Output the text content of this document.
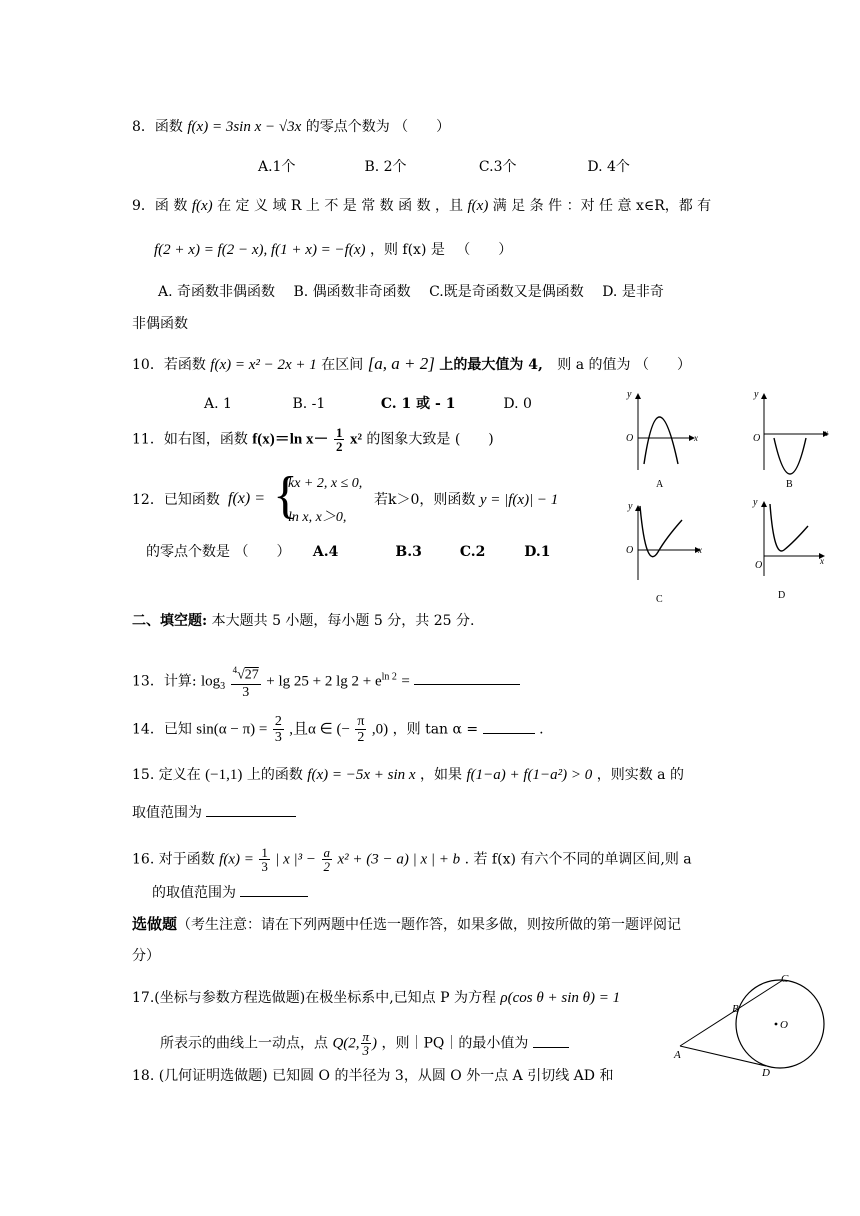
8．函数 f(x) = 3sin x − √3x 的零点个数为 （　　）
A.1个	B. 2个	C.3个	D. 4个
9．函 数 f(x) 在 定 义 域 R 上 不 是 常 数 函 数 ，且 f(x) 满 足 条 件 ：对 任 意 x∈R，都 有
f(2 + x) = f(2 − x), f(1 + x) = −f(x) ，则 f(x) 是 　（　　）
A. 奇函数非偶函数　 B. 偶函数非奇函数　 C.既是奇函数又是偶函数　 D. 是非奇
非偶函数
10．若函数 f(x) = x² − 2x + 1 在区间 [a, a + 2] 上的最大值为 4, 则 a 的值为 （　　）
A. 1	B. -1	C. 1 或 - 1	D. 0
11．如右图，函数 f(x)＝ln $x- \frac{1}{2} x^2$ 的图象大致是 (　　)
12．已知函数 f(x) = {
kx + 2, x ≤ 0,
ln x, x＞0,
若k＞0，则函数 y = |f(x)| − 1
的零点个数是 （　　） A.4	B.3	C.2	D.1
y
x
O
A
y
x
O
B
y
x
O
C
y
x
O
D
二、填空题: 本大题共 5 小题，每小题 5 分，共 25 分.
13．计算: $\log_3 \frac{^4√27}{3} + \lg 25 + 2$ $\lg 2 + e^{ln 2}$ =
14．已知 $\sin(\alpha - \pi) = \frac{2}{3}$ ,且α ∈ (− $\frac{\pi}{2} ,0$) ，则 tan α =	.
15. 定义在 (−1,1) 上的函数 f(x) = −5x + sin x ，如果 f(1−a) + f(1−a²) > 0 ，则实数 a 的
取值范围为
16. 对于函数 $f(x) = \frac{1}{3}$ | x $|^3 - \frac{a}{2} x^2 + (3 - a)$ | x | + b . 若 f(x) 有六个不同的单调区间,则 a
的取值范围为
选做题（考生注意：请在下列两题中任选一题作答，如果多做，则按所做的第一题评阅记
分）
17.(坐标与参数方程选做题)在极坐标系中,已知点 P 为方程 ρ(cos θ + sin θ) = 1
所表示的曲线上一动点，点 Q(2, $\frac{\pi}{3}$ ) ，则｜PQ｜的最小值为
18. (几何证明选做题) 已知圆 O 的半径为 3，从圆 O 外一点 A 引切线 AD 和
A
B
C
D
O
